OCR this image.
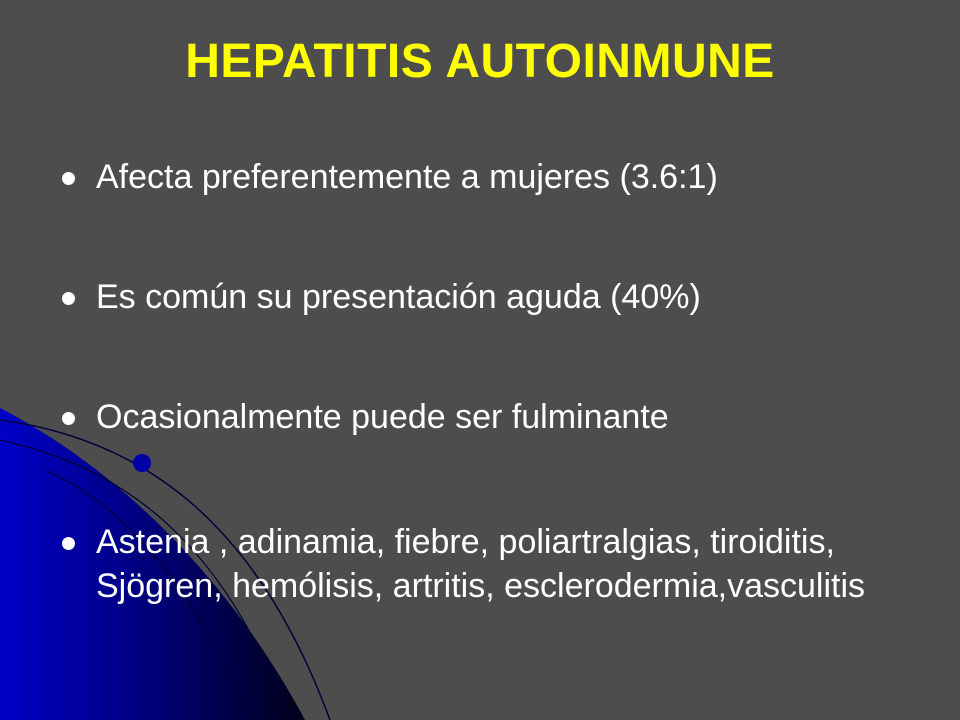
HEPATITIS AUTOINMUNE
Afecta preferentemente a mujeres (3.6:1)
Es común su presentación aguda (40%)
Ocasionalmente puede ser fulminante
Astenia , adinamia, fiebre, poliartralgias, tiroiditis, Sjögren, hemólisis, artritis, esclerodermia,vasculitis
